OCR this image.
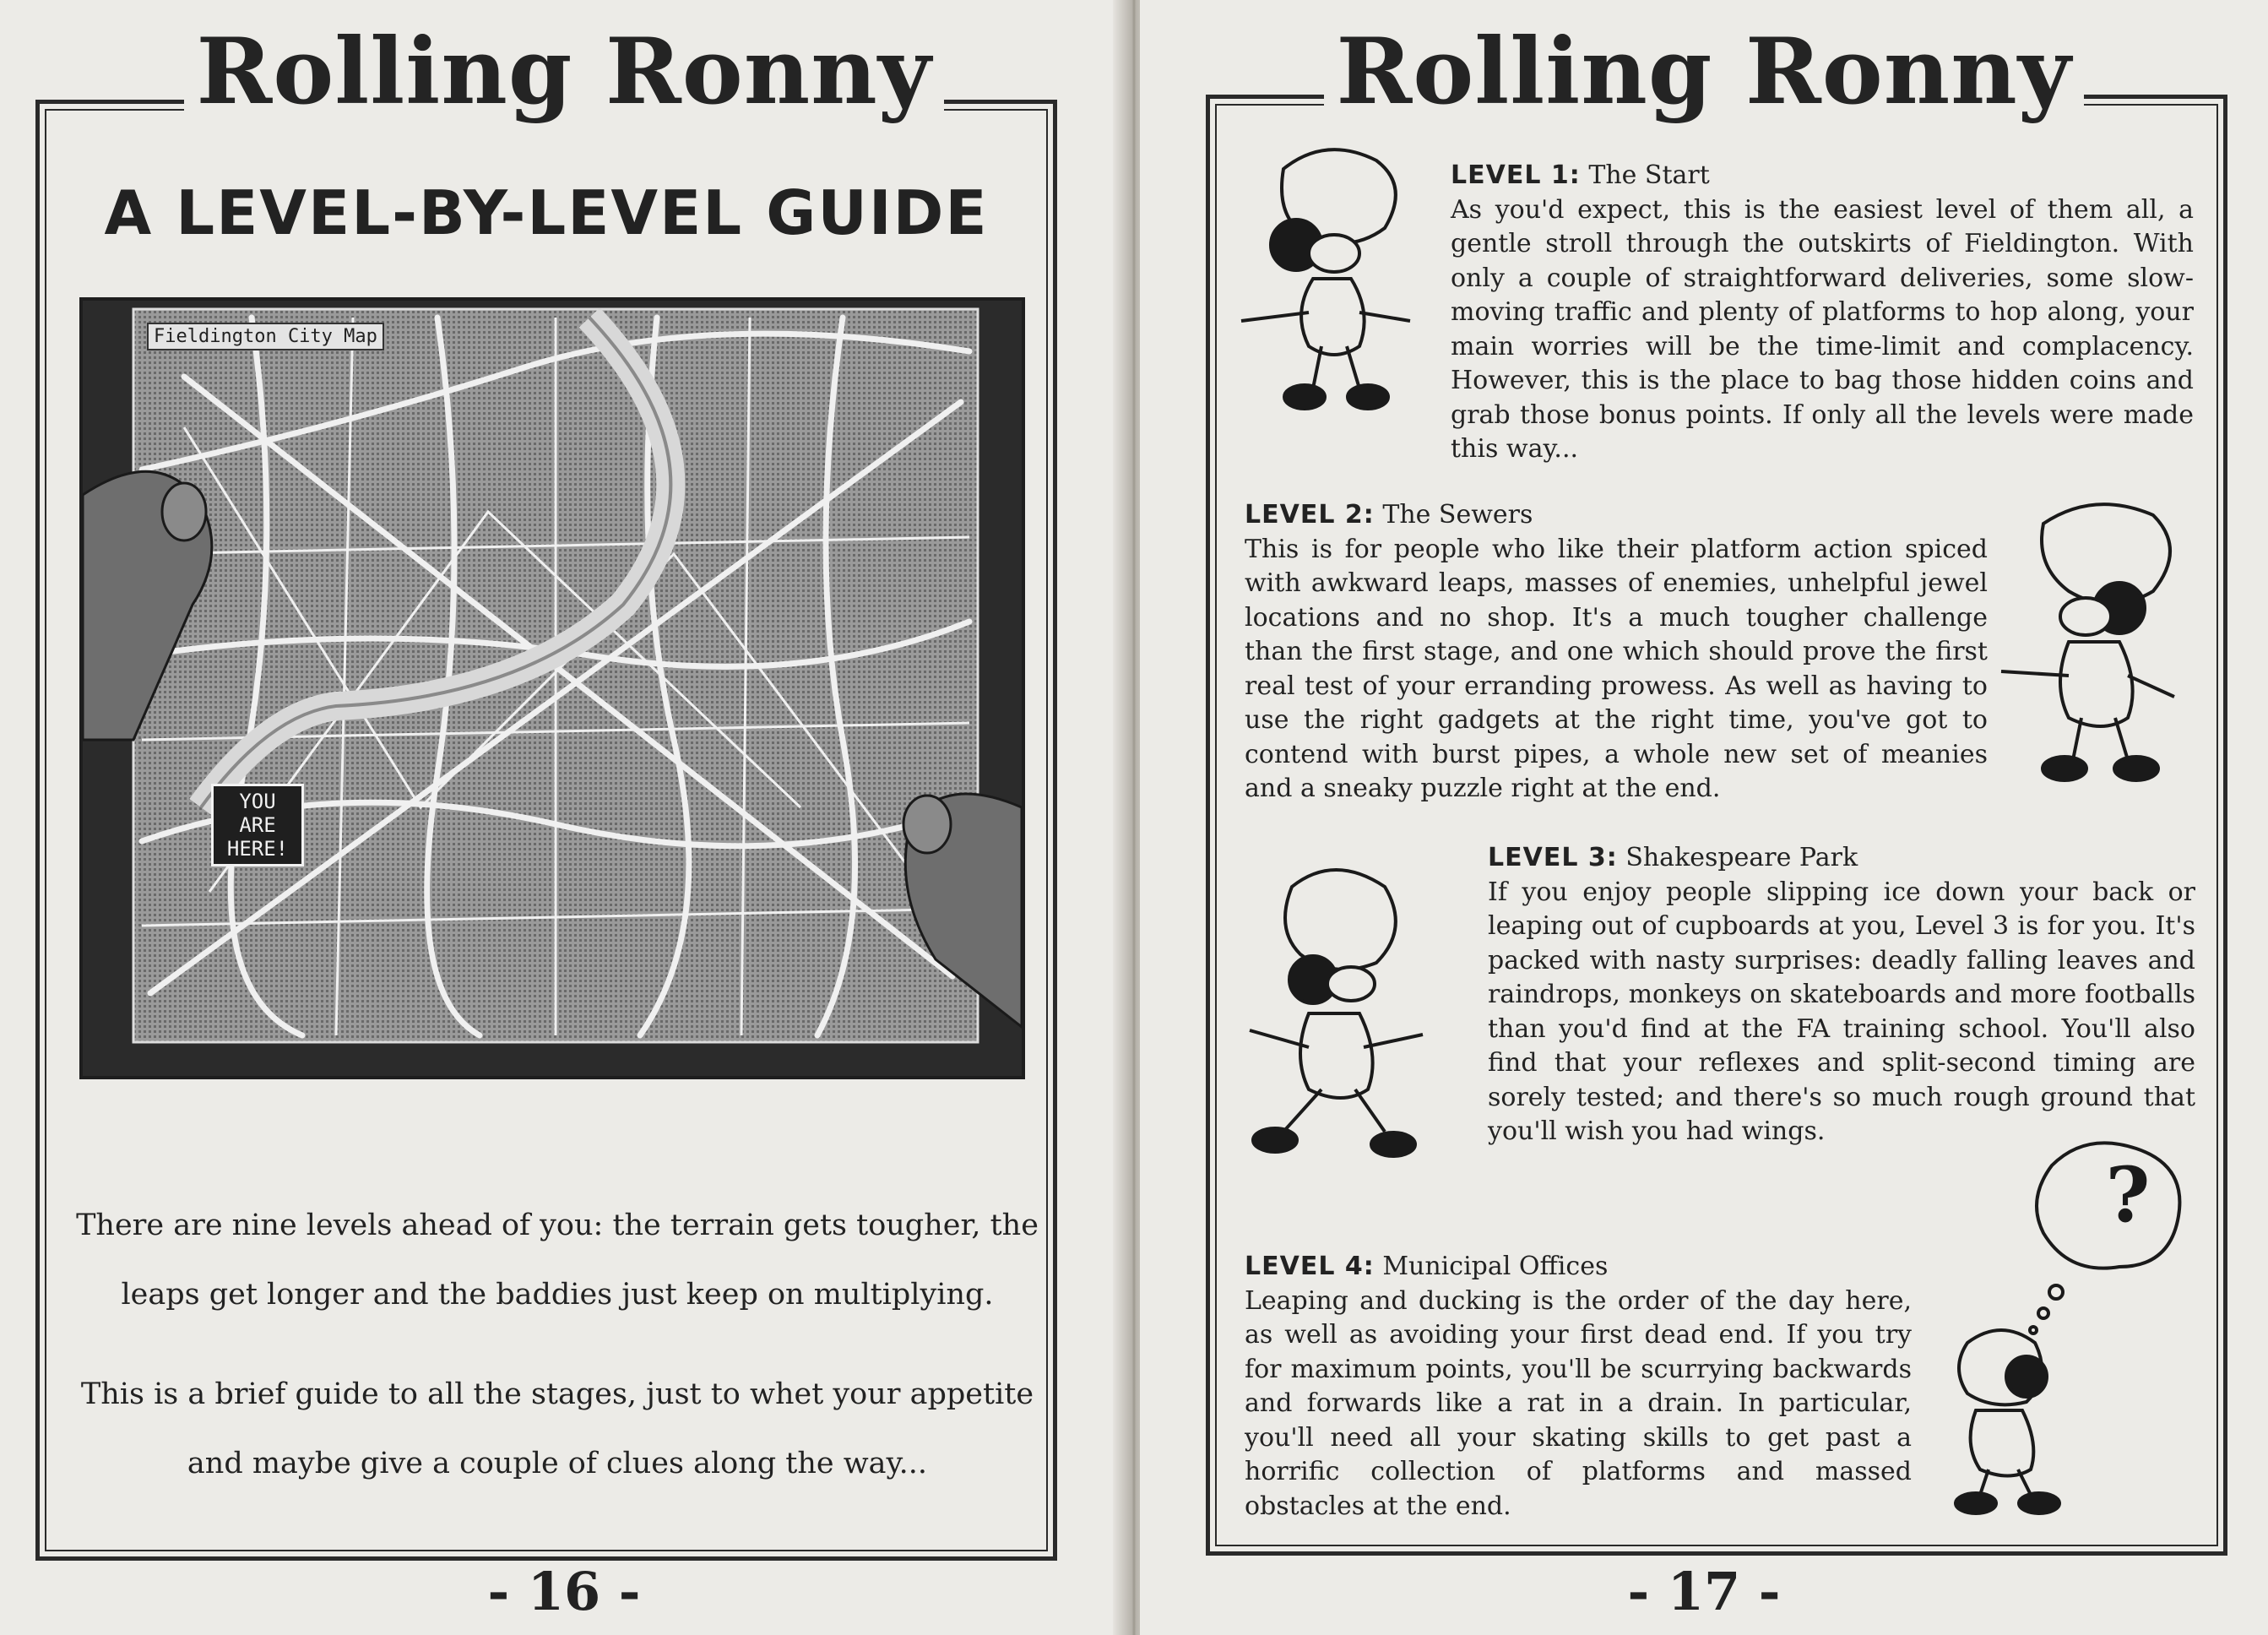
Rolling Ronny
A LEVEL-BY-LEVEL GUIDE
Fieldington City Map
YOU ARE HERE!
There are nine levels ahead of you: the terrain gets tougher, the leaps get longer and the baddies just keep on multiplying.
This is a brief guide to all the stages, just to whet your appetite and maybe give a couple of clues along the way...
- 16 -
Rolling Ronny
?
LEVEL 1: The Start
As you'd expect, this is the easiest level of them all, a gentle stroll through the outskirts of Fieldington. With only a couple of straightforward deliveries, some slow-moving traffic and plenty of platforms to hop along, your main worries will be the time-limit and complacency. However, this is the place to bag those hidden coins and grab those bonus points. If only all the levels were made this way...
LEVEL 2: The Sewers
This is for people who like their platform action spiced with awkward leaps, masses of enemies, unhelpful jewel locations and no shop. It's a much tougher challenge than the first stage, and one which should prove the first real test of your erranding prowess. As well as having to use the right gadgets at the right time, you've got to contend with burst pipes, a whole new set of meanies and a sneaky puzzle right at the end.
LEVEL 3: Shakespeare Park
If you enjoy people slipping ice down your back or leaping out of cupboards at you, Level 3 is for you. It's packed with nasty surprises: deadly falling leaves and raindrops, monkeys on skateboards and more footballs than you'd find at the FA training school. You'll also find that your reflexes and split-second timing are sorely tested; and there's so much rough ground that you'll wish you had wings.
LEVEL 4: Municipal Offices
Leaping and ducking is the order of the day here, as well as avoiding your first dead end. If you try for maximum points, you'll be scurrying backwards and forwards like a rat in a drain. In particular, you'll need all your skating skills to get past a horrific collection of platforms and massed obstacles at the end.
- 17 -
